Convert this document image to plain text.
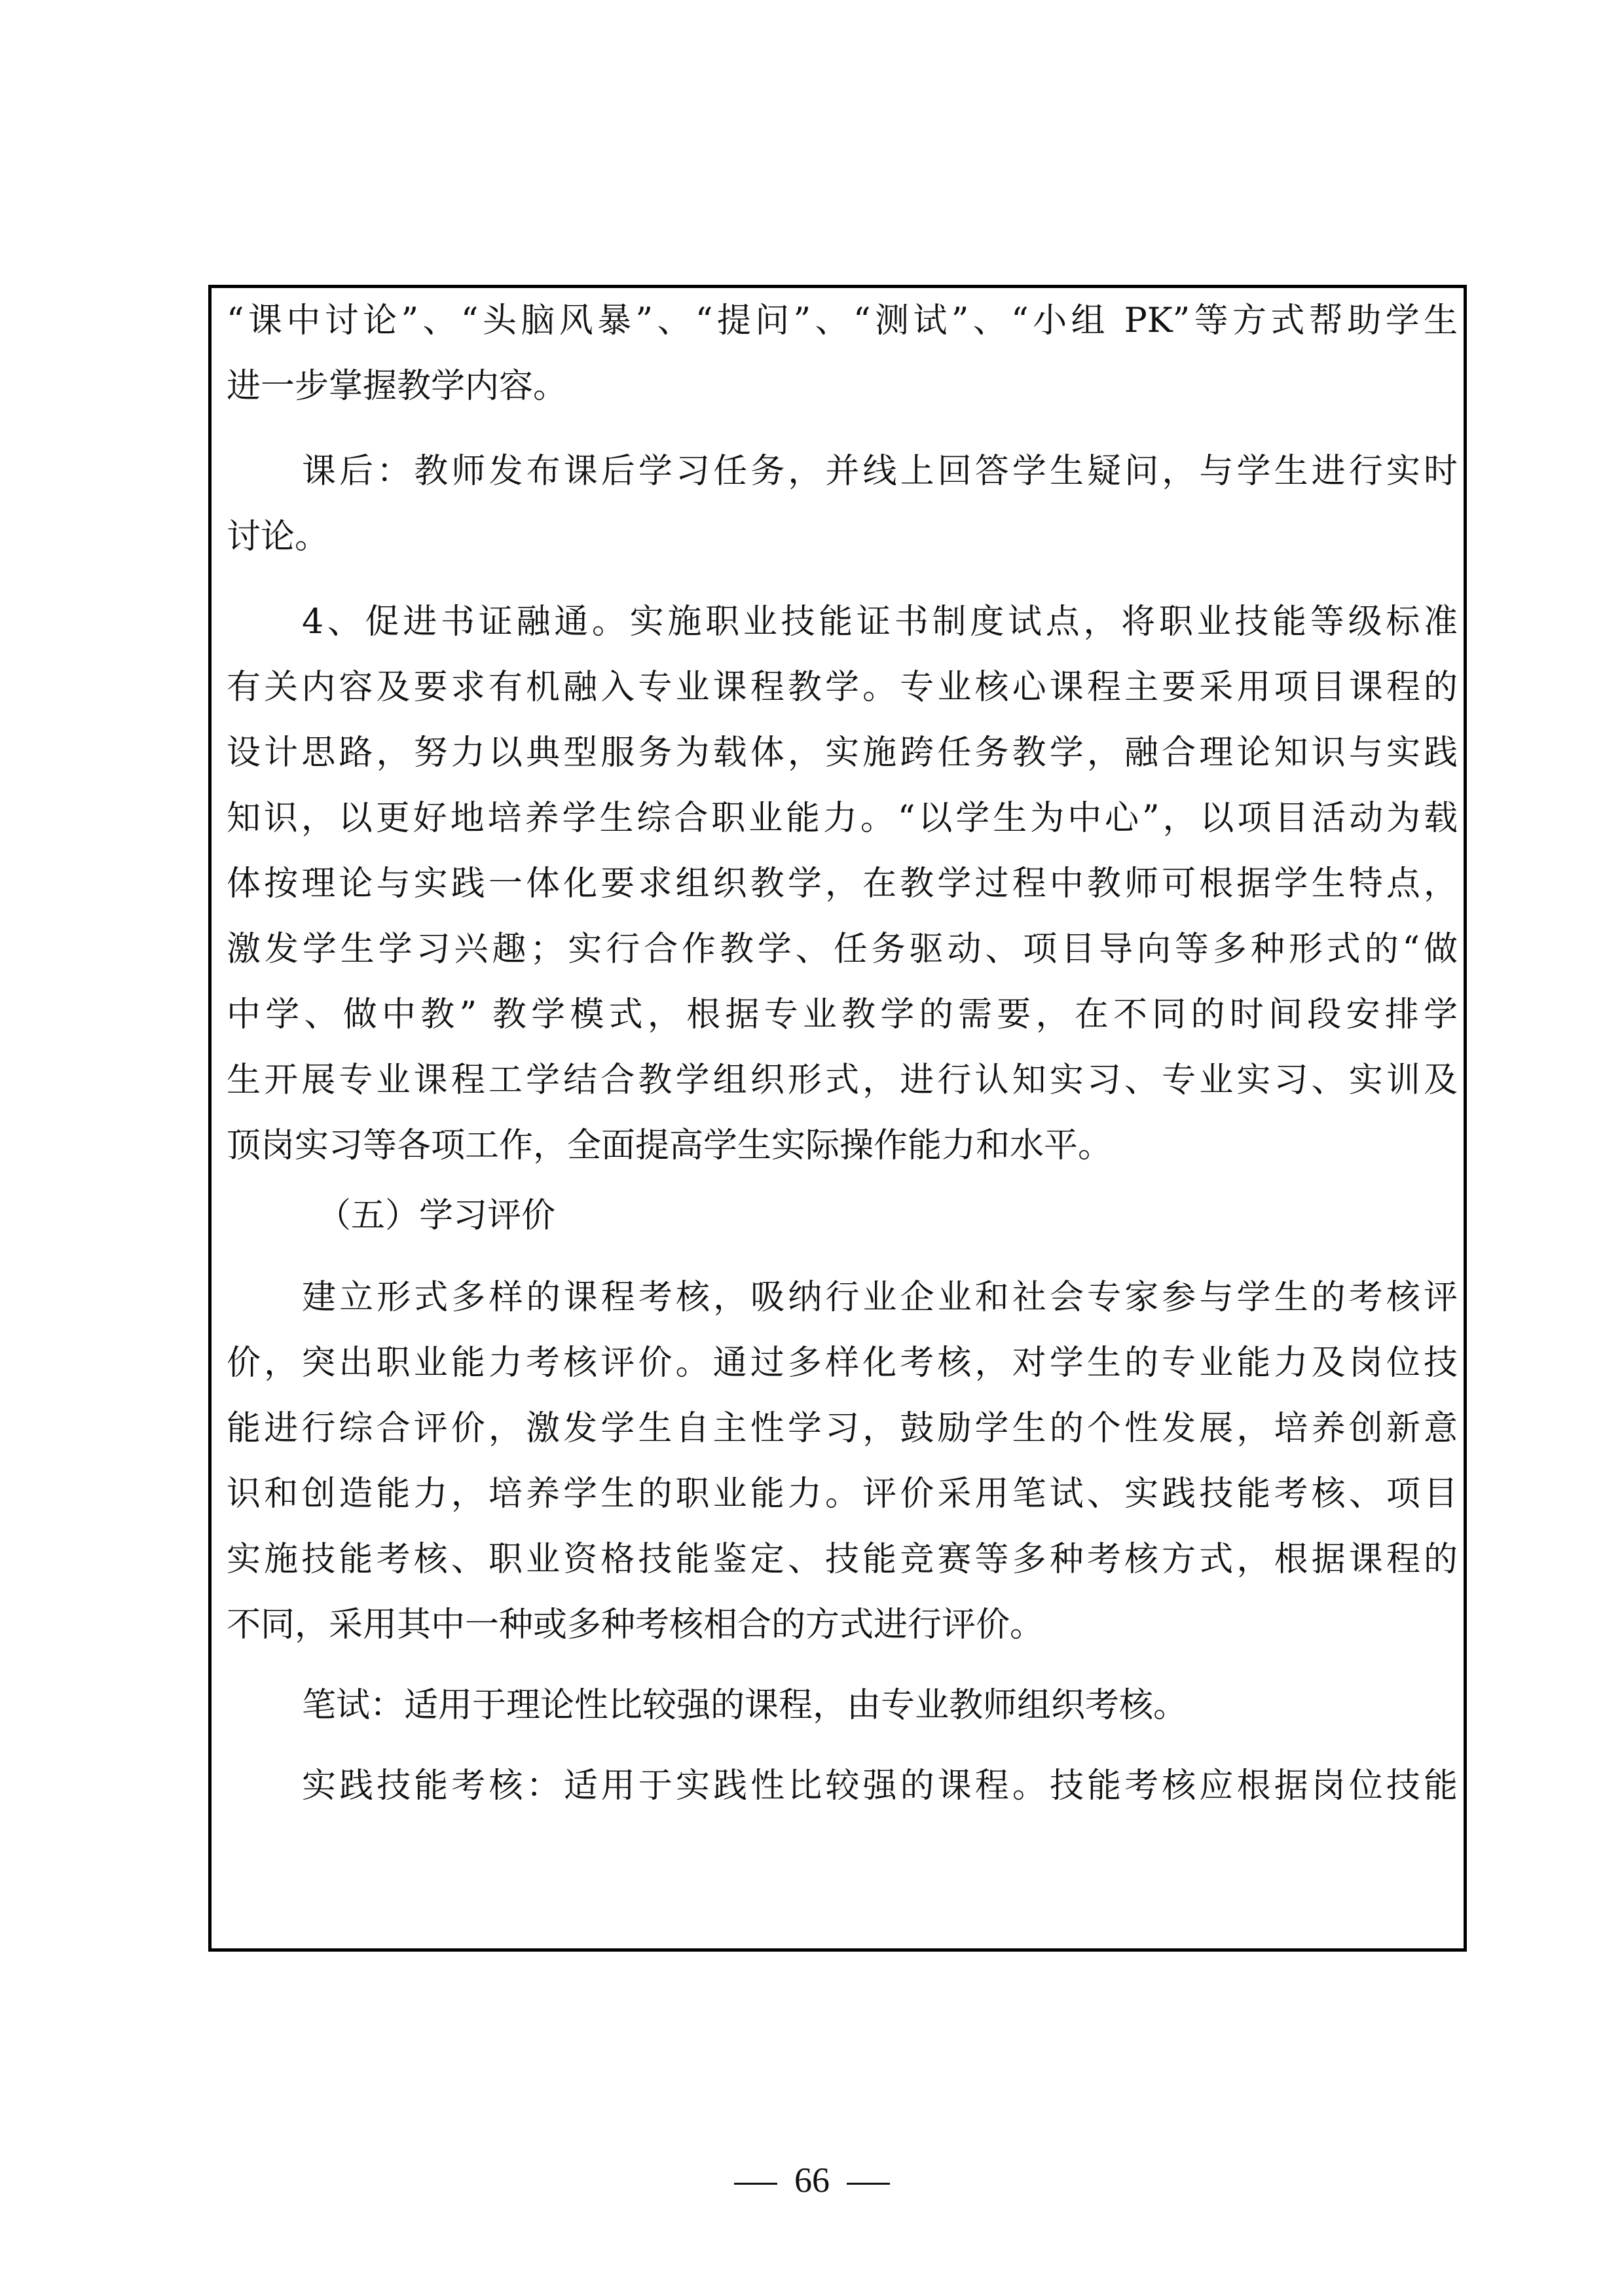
“课中讨论”、“头脑风暴”、“提问”、“测试”、“小组 PK”等方式帮助学生
进一步掌握教学内容。
课后：教师发布课后学习任务，并线上回答学生疑问，与学生进行实时
讨论。
4、促进书证融通。实施职业技能证书制度试点，将职业技能等级标准
有关内容及要求有机融入专业课程教学。专业核心课程主要采用项目课程的
设计思路，努力以典型服务为载体，实施跨任务教学，融合理论知识与实践
知识，以更好地培养学生综合职业能力。“以学生为中心”，以项目活动为载
体按理论与实践一体化要求组织教学，在教学过程中教师可根据学生特点，
激发学生学习兴趣；实行合作教学、任务驱动、项目导向等多种形式的“做
中学、做中教” 教学模式，根据专业教学的需要，在不同的时间段安排学
生开展专业课程工学结合教学组织形式，进行认知实习、专业实习、实训及
顶岗实习等各项工作，全面提高学生实际操作能力和水平。
（五）学习评价
建立形式多样的课程考核，吸纳行业企业和社会专家参与学生的考核评
价，突出职业能力考核评价。通过多样化考核，对学生的专业能力及岗位技
能进行综合评价，激发学生自主性学习，鼓励学生的个性发展，培养创新意
识和创造能力，培养学生的职业能力。评价采用笔试、实践技能考核、项目
实施技能考核、职业资格技能鉴定、技能竞赛等多种考核方式，根据课程的
不同，采用其中一种或多种考核相合的方式进行评价。
笔试：适用于理论性比较强的课程，由专业教师组织考核。
实践技能考核：适用于实践性比较强的课程。技能考核应根据岗位技能
66
